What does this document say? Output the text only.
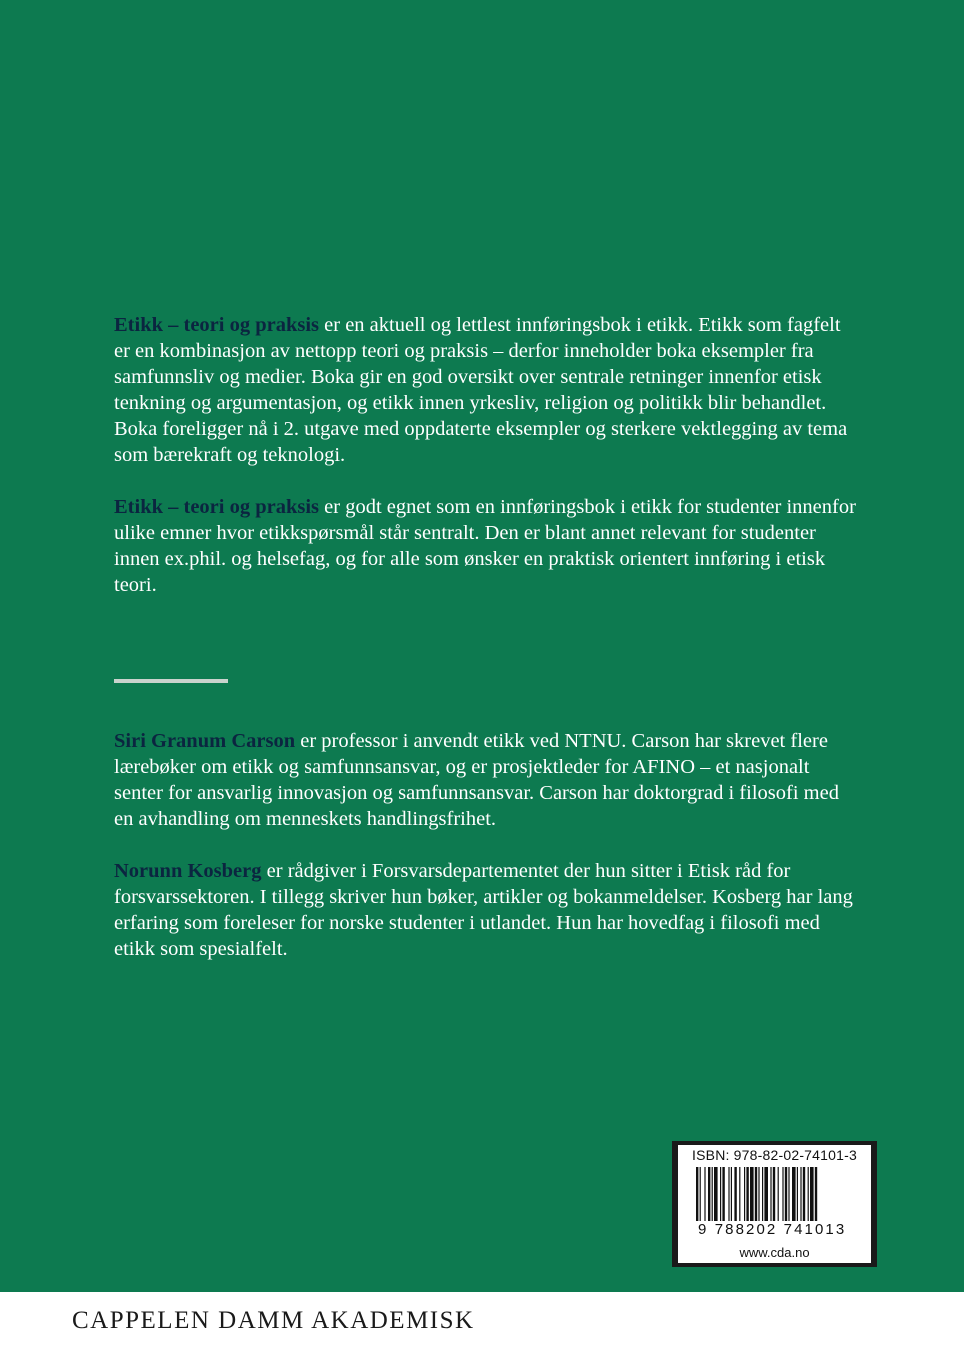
Etikk – teori og praksis er en aktuell og lettlest innføringsbok i etikk. Etikk som fagfelt er en kombinasjon av nettopp teori og praksis – derfor inneholder boka eksempler fra samfunnsliv og medier. Boka gir en god oversikt over sentrale retninger innenfor etisk tenkning og argumentasjon, og etikk innen yrkesliv, religion og politikk blir behandlet. Boka foreligger nå i 2. utgave med oppdaterte eksempler og sterkere vektlegging av tema som bærekraft og teknologi.

Etikk – teori og praksis er godt egnet som en innføringsbok i etikk for studenter innenfor ulike emner hvor etikkspørsmål står sentralt. Den er blant annet relevant for studenter innen ex.phil. og helsefag, og for alle som ønsker en praktisk orientert innføring i etisk teori.

Siri Granum Carson er professor i anvendt etikk ved NTNU. Carson har skrevet flere lærebøker om etikk og samfunnsansvar, og er prosjektleder for AFINO – et nasjonalt senter for ansvarlig innovasjon og samfunnsansvar. Carson har doktorgrad i filosofi med en avhandling om menneskets handlingsfrihet.

Norunn Kosberg er rådgiver i Forsvarsdepartementet der hun sitter i Etisk råd for forsvarssektoren. I tillegg skriver hun bøker, artikler og bokanmeldelser. Kosberg har lang erfaring som foreleser for norske studenter i utlandet. Hun har hovedfag i filosofi med etikk som spesialfelt.

ISBN: 978-82-02-74101-3
9 788202 741013
www.cda.no
CAPPELEN DAMM AKADEMISK
